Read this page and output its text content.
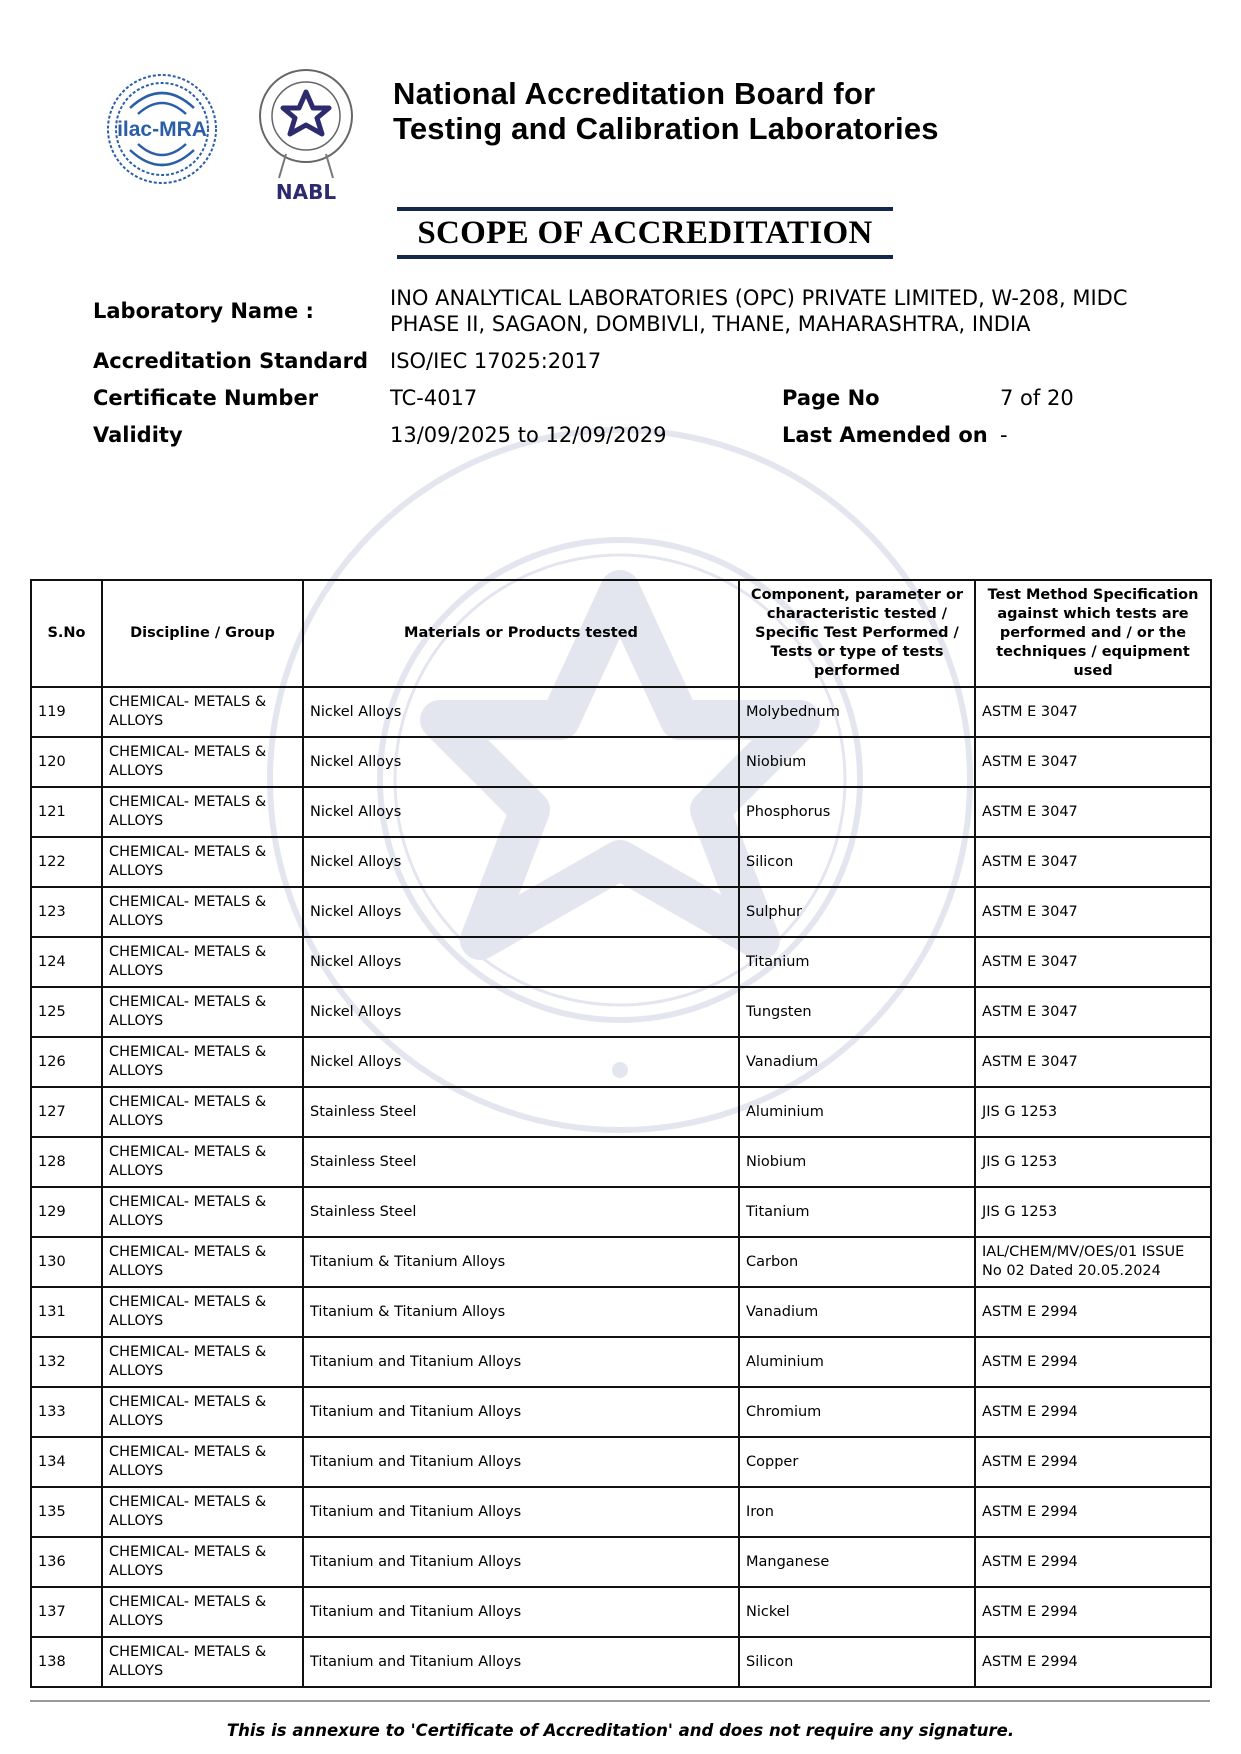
ilac-MRA
NABL
National Accreditation Board for
Testing and Calibration Laboratories
SCOPE OF ACCREDITATION
Laboratory Name :
INO ANALYTICAL LABORATORIES (OPC) PRIVATE LIMITED, W-208, MIDC
PHASE II, SAGAON, DOMBIVLI, THANE, MAHARASHTRA, INDIA
Accreditation Standard ISO/IEC 17025:2017
Certificate Number	TC-4017	Page No	7 of 20
Validity	13/09/2025 to 12/09/2029	Last Amended on -
S.No	Discipline / Group	Materials or Products tested	Component, parameter or characteristic tested / Specific Test Performed / Tests or type of tests performed	Test Method Specification against which tests are performed and / or the techniques / equipment used
119	CHEMICAL- METALS & ALLOYS	Nickel Alloys	Molybednum	ASTM E 3047
120	CHEMICAL- METALS & ALLOYS	Nickel Alloys	Niobium	ASTM E 3047
121	CHEMICAL- METALS & ALLOYS	Nickel Alloys	Phosphorus	ASTM E 3047
122	CHEMICAL- METALS & ALLOYS	Nickel Alloys	Silicon	ASTM E 3047
123	CHEMICAL- METALS & ALLOYS	Nickel Alloys	Sulphur	ASTM E 3047
124	CHEMICAL- METALS & ALLOYS	Nickel Alloys	Titanium	ASTM E 3047
125	CHEMICAL- METALS & ALLOYS	Nickel Alloys	Tungsten	ASTM E 3047
126	CHEMICAL- METALS & ALLOYS	Nickel Alloys	Vanadium	ASTM E 3047
127	CHEMICAL- METALS & ALLOYS	Stainless Steel	Aluminium	JIS G 1253
128	CHEMICAL- METALS & ALLOYS	Stainless Steel	Niobium	JIS G 1253
129	CHEMICAL- METALS & ALLOYS	Stainless Steel	Titanium	JIS G 1253
130	CHEMICAL- METALS & ALLOYS	Titanium & Titanium Alloys	Carbon	IAL/CHEM/MV/OES/01 ISSUE No 02 Dated 20.05.2024
131	CHEMICAL- METALS & ALLOYS	Titanium & Titanium Alloys	Vanadium	ASTM E 2994
132	CHEMICAL- METALS & ALLOYS	Titanium and Titanium Alloys	Aluminium	ASTM E 2994
133	CHEMICAL- METALS & ALLOYS	Titanium and Titanium Alloys	Chromium	ASTM E 2994
134	CHEMICAL- METALS & ALLOYS	Titanium and Titanium Alloys	Copper	ASTM E 2994
135	CHEMICAL- METALS & ALLOYS	Titanium and Titanium Alloys	Iron	ASTM E 2994
136	CHEMICAL- METALS & ALLOYS	Titanium and Titanium Alloys	Manganese	ASTM E 2994
137	CHEMICAL- METALS & ALLOYS	Titanium and Titanium Alloys	Nickel	ASTM E 2994
138	CHEMICAL- METALS & ALLOYS	Titanium and Titanium Alloys	Silicon	ASTM E 2994
This is annexure to 'Certificate of Accreditation' and does not require any signature.
